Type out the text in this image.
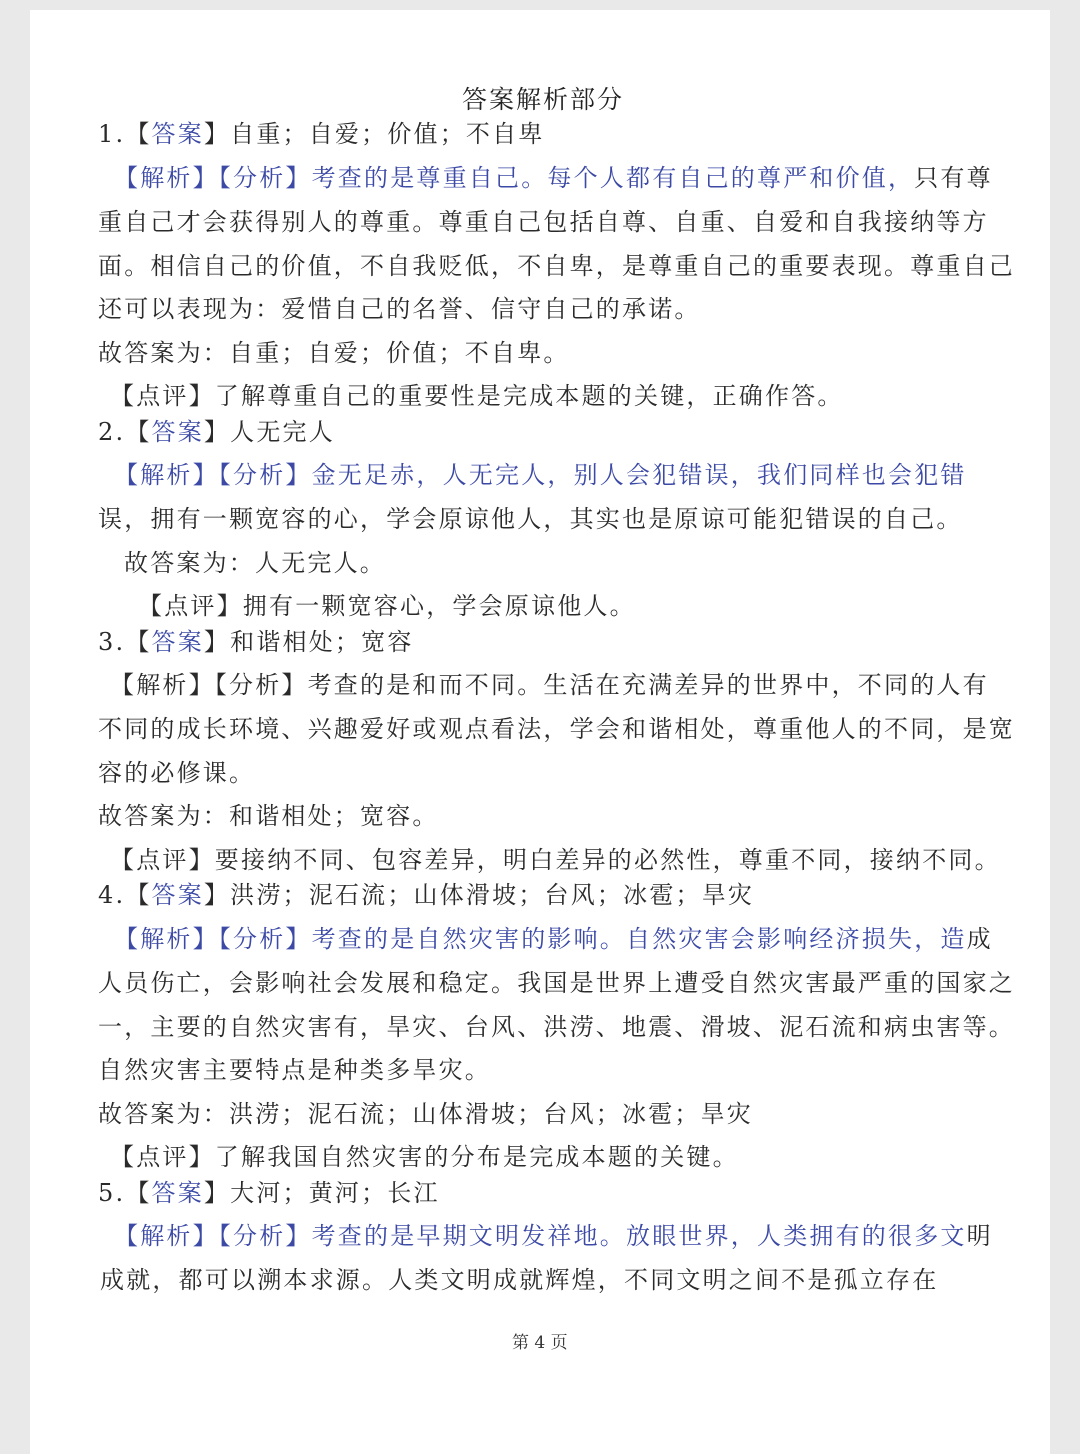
答案解析部分
1.【答案】自重；自爱；价值；不自卑
【解析】【分析】考查的是尊重自己。每个人都有自己的尊严和价值，只有尊
重自己才会获得别人的尊重。尊重自己包括自尊、自重、自爱和自我接纳等方
面。相信自己的价值，不自我贬低，不自卑，是尊重自己的重要表现。尊重自己
还可以表现为：爱惜自己的名誉、信守自己的承诺。
故答案为：自重；自爱；价值；不自卑。
【点评】了解尊重自己的重要性是完成本题的关键，正确作答。
2.【答案】人无完人
【解析】【分析】金无足赤，人无完人，别人会犯错误，我们同样也会犯错
误，拥有一颗宽容的心，学会原谅他人，其实也是原谅可能犯错误的自己。
故答案为：人无完人。
【点评】拥有一颗宽容心，学会原谅他人。
3.【答案】和谐相处；宽容
【解析】【分析】考查的是和而不同。生活在充满差异的世界中，不同的人有
不同的成长环境、兴趣爱好或观点看法，学会和谐相处，尊重他人的不同，是宽
容的必修课。
故答案为：和谐相处；宽容。
【点评】要接纳不同、包容差异，明白差异的必然性，尊重不同，接纳不同。
4.【答案】洪涝；泥石流；山体滑坡；台风；冰雹；旱灾
【解析】【分析】考查的是自然灾害的影响。自然灾害会影响经济损失，造成
人员伤亡，会影响社会发展和稳定。我国是世界上遭受自然灾害最严重的国家之
一，主要的自然灾害有，旱灾、台风、洪涝、地震、滑坡、泥石流和病虫害等。
自然灾害主要特点是种类多旱灾。
故答案为：洪涝；泥石流；山体滑坡；台风；冰雹；旱灾
【点评】了解我国自然灾害的分布是完成本题的关键。
5.【答案】大河；黄河；长江
【解析】【分析】考查的是早期文明发祥地。放眼世界，人类拥有的很多文明
成就，都可以溯本求源。人类文明成就辉煌，不同文明之间不是孤立存在
第 4 页
